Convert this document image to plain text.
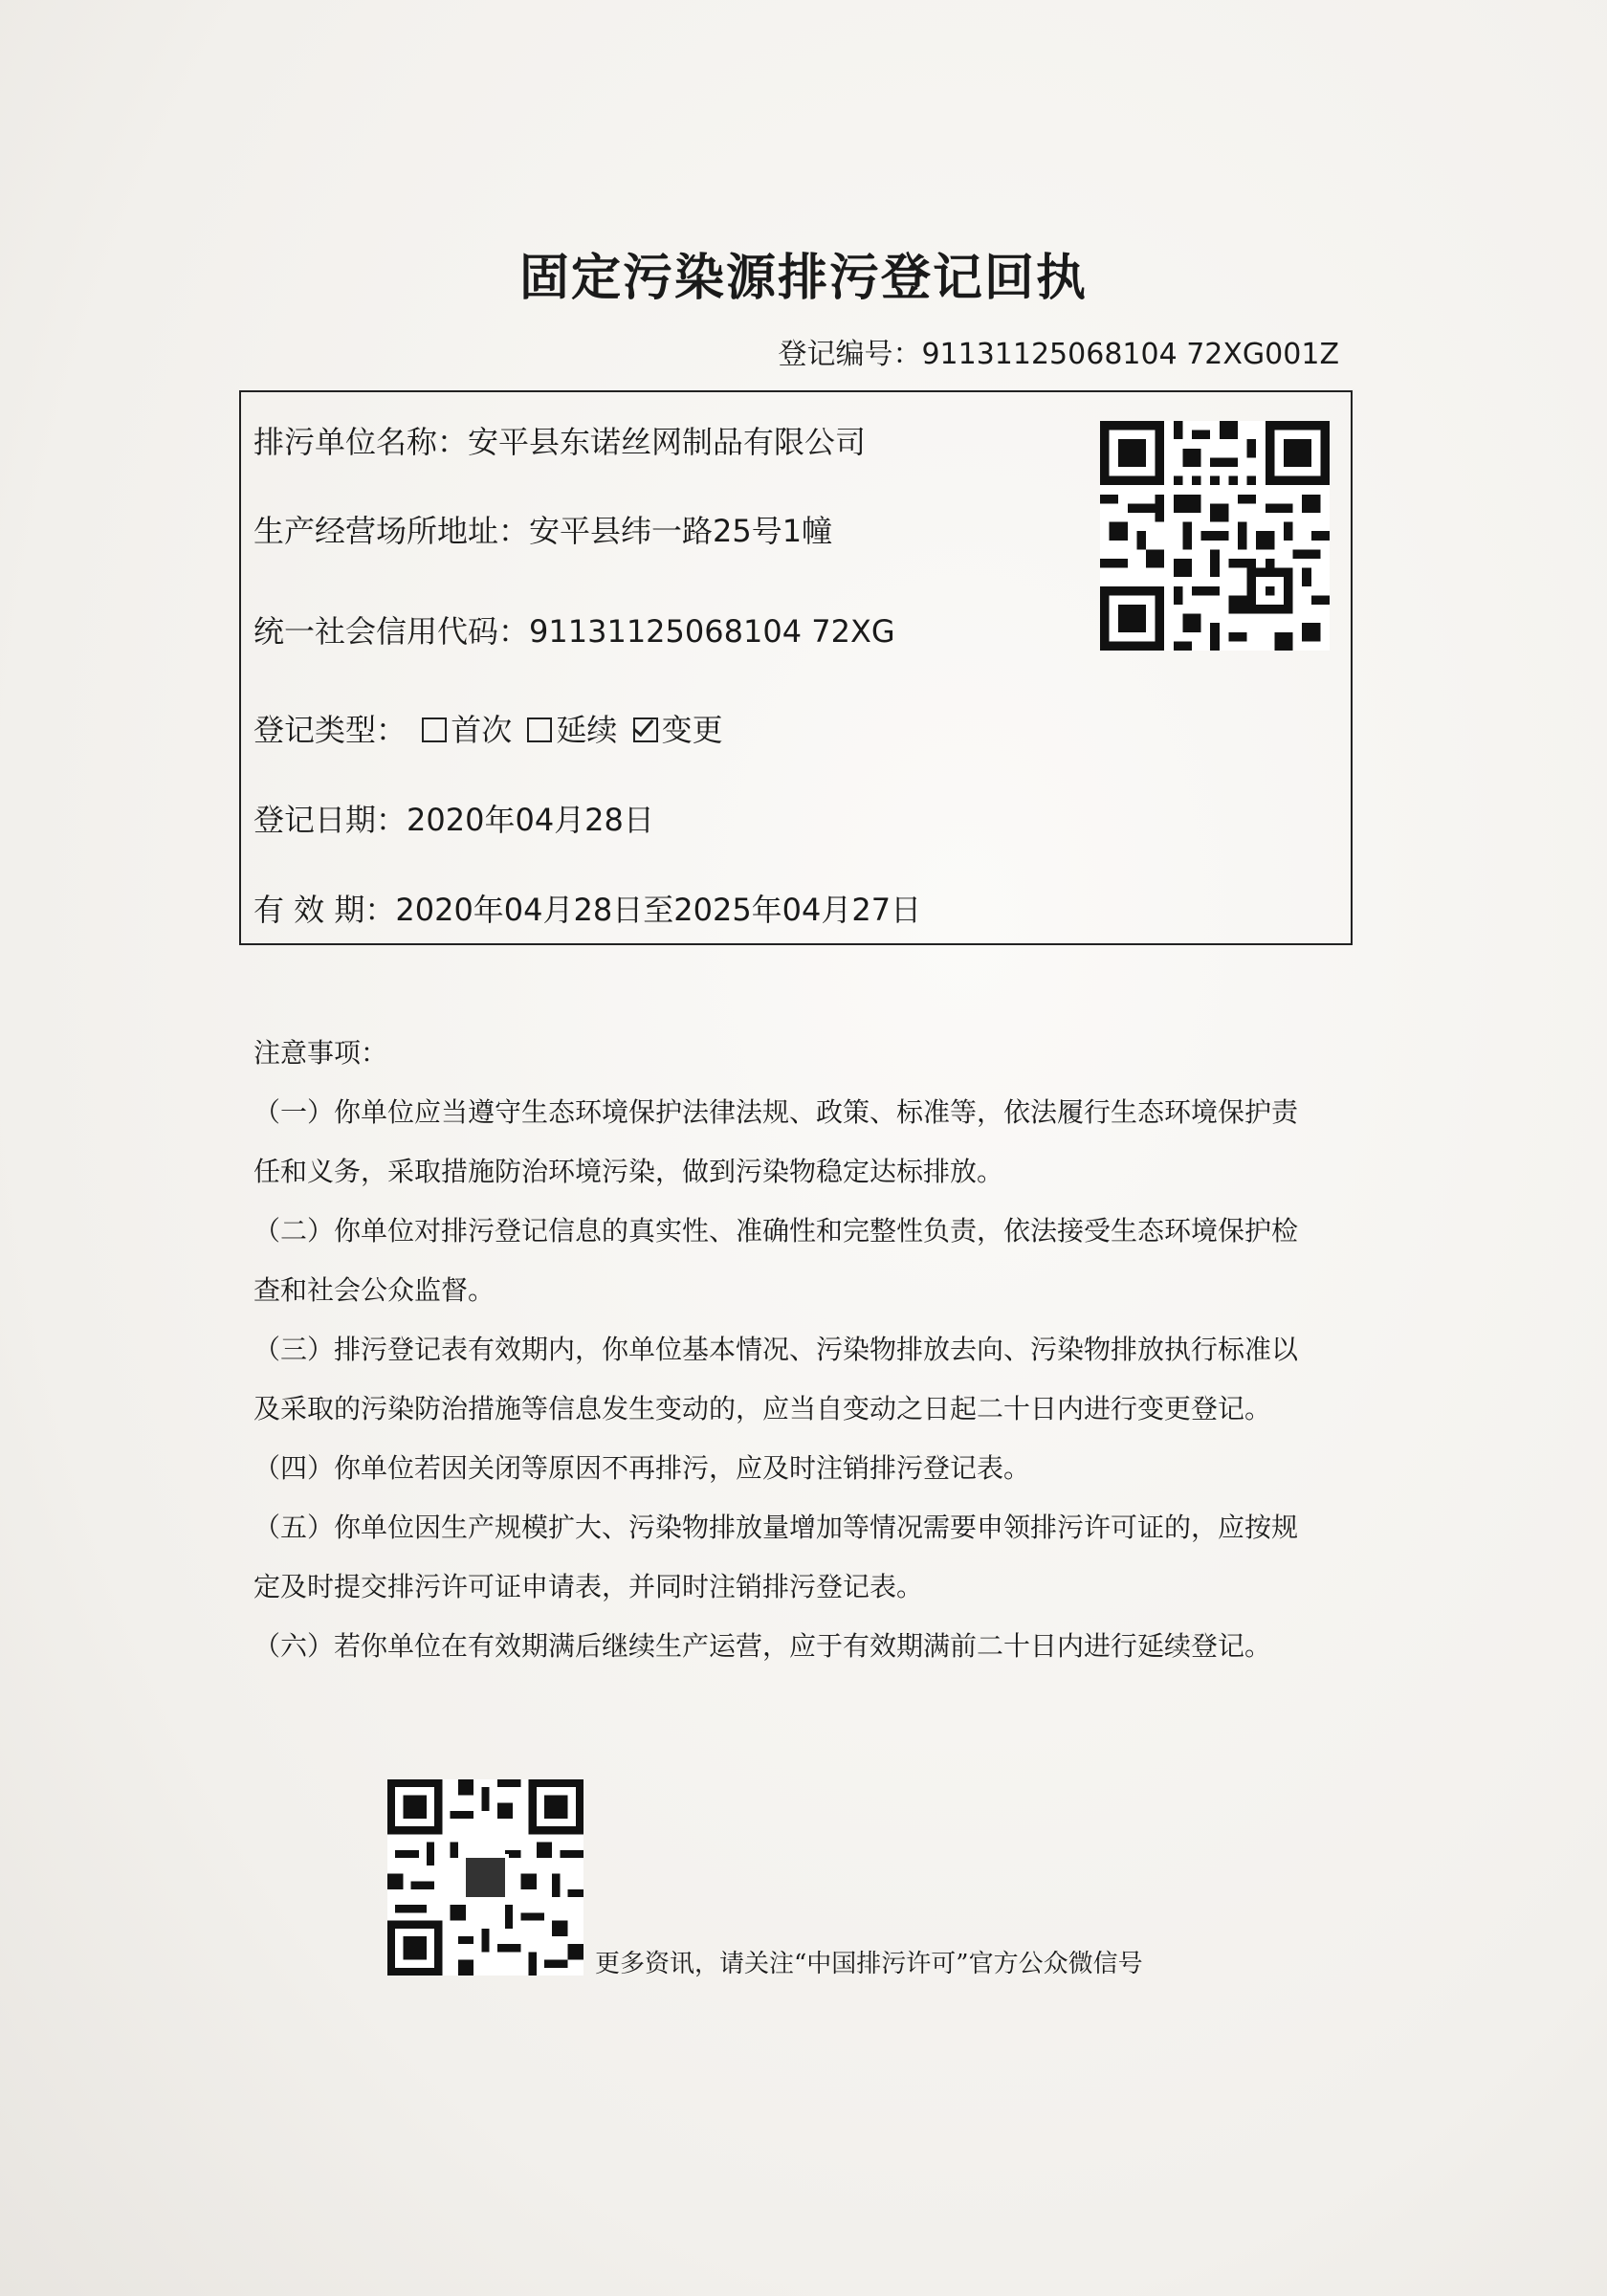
固定污染源排污登记回执
登记编号：91131125068104 72XG001Z
排污单位名称：安平县东诺丝网制品有限公司
生产经营场所地址：安平县纬一路25号1幢
统一社会信用代码：91131125068104 72XG
登记类型： 首次 延续 变更
登记日期：2020年04月28日
有 效 期：2020年04月28日至2025年04月27日

注意事项：

（一）你单位应当遵守生态环境保护法律法规、政策、标准等，依法履行生态环境保护责

任和义务，采取措施防治环境污染，做到污染物稳定达标排放。

（二）你单位对排污登记信息的真实性、准确性和完整性负责，依法接受生态环境保护检

查和社会公众监督。

（三）排污登记表有效期内，你单位基本情况、污染物排放去向、污染物排放执行标准以

及采取的污染防治措施等信息发生变动的，应当自变动之日起二十日内进行变更登记。

（四）你单位若因关闭等原因不再排污，应及时注销排污登记表。

（五）你单位因生产规模扩大、污染物排放量增加等情况需要申领排污许可证的，应按规

定及时提交排污许可证申请表，并同时注销排污登记表。

（六）若你单位在有效期满后继续生产运营，应于有效期满前二十日内进行延续登记。

更多资讯，请关注“中国排污许可”官方公众微信号
